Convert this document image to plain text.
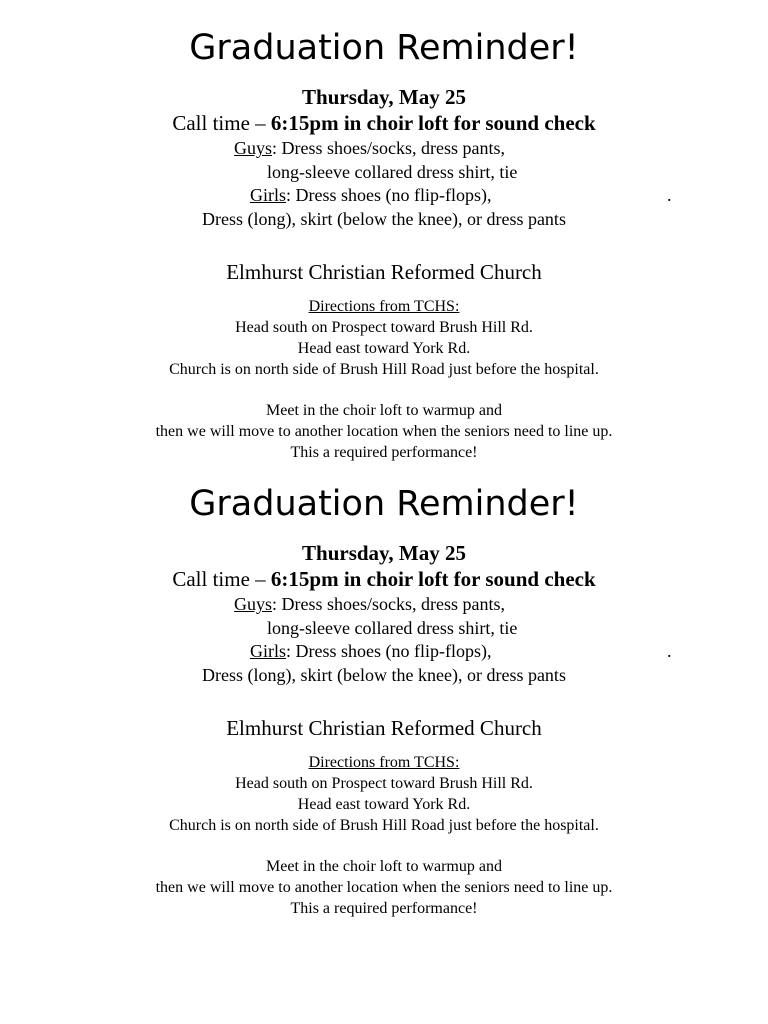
Graduation Reminder!
Thursday, May 25
Call time – 6:15pm in choir loft for sound check
Guys: Dress shoes/socks, dress pants,
long-sleeve collared dress shirt, tie
Girls: Dress shoes (no flip-flops),	.
Dress (long), skirt (below the knee), or dress pants
Elmhurst Christian Reformed Church
Directions from TCHS:
Head south on Prospect toward Brush Hill Rd.
Head east toward York Rd.
Church is on north side of Brush Hill Road just before the hospital.
Meet in the choir loft to warmup and
then we will move to another location when the seniors need to line up.
This a required performance!
Graduation Reminder!
Thursday, May 25
Call time – 6:15pm in choir loft for sound check
Guys: Dress shoes/socks, dress pants,
long-sleeve collared dress shirt, tie
Girls: Dress shoes (no flip-flops),	.
Dress (long), skirt (below the knee), or dress pants
Elmhurst Christian Reformed Church
Directions from TCHS:
Head south on Prospect toward Brush Hill Rd.
Head east toward York Rd.
Church is on north side of Brush Hill Road just before the hospital.
Meet in the choir loft to warmup and
then we will move to another location when the seniors need to line up.
This a required performance!
